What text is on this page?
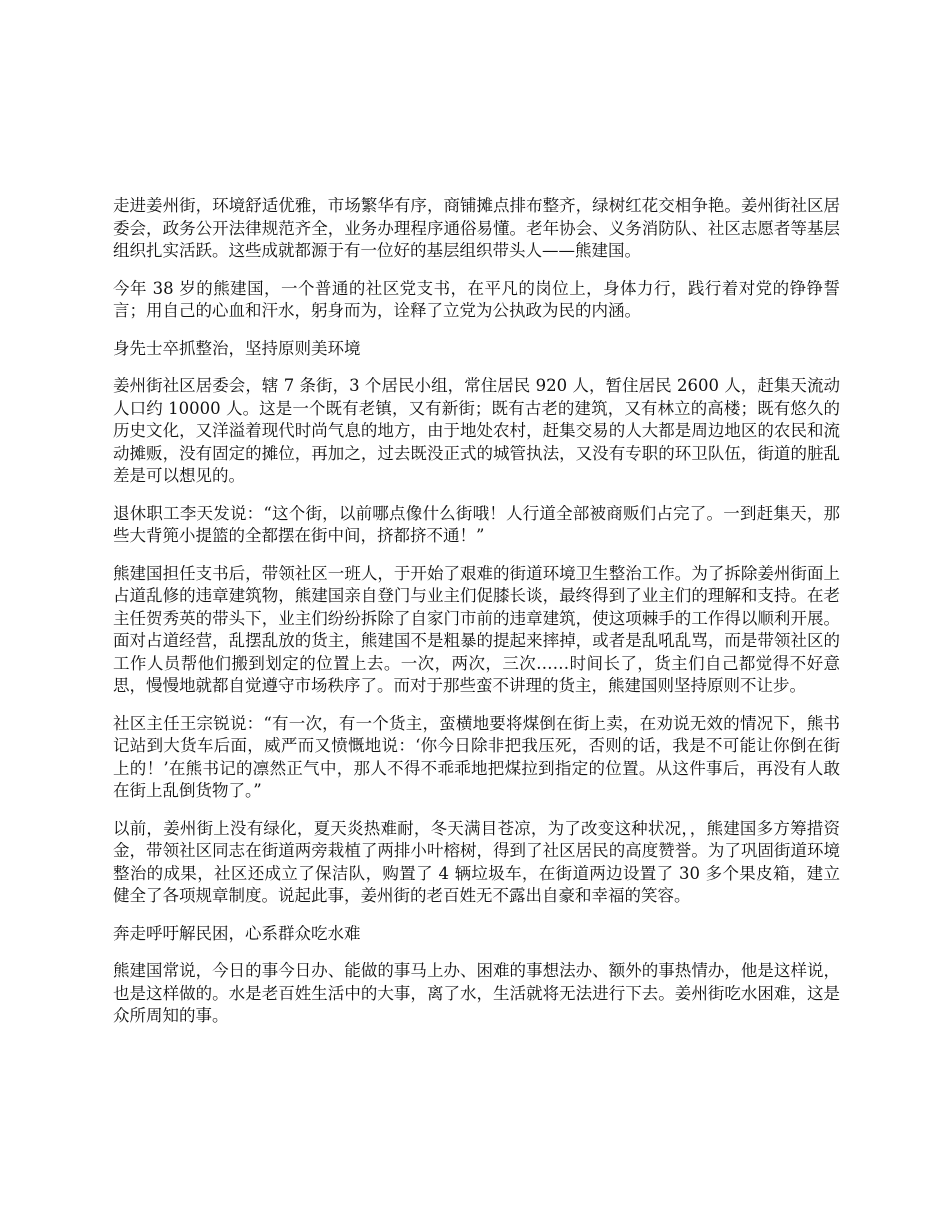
走进姜州街，环境舒适优雅，市场繁华有序，商铺摊点排布整齐，绿树红花交相争艳。姜州街社区居委会，政务公开法律规范齐全，业务办理程序通俗易懂。老年协会、义务消防队、社区志愿者等基层组织扎实活跃。这些成就都源于有一位好的基层组织带头人——熊建国。

今年 38 岁的熊建国，一个普通的社区党支书，在平凡的岗位上，身体力行，践行着对党的铮铮誓言；用自己的心血和汗水，躬身而为，诠释了立党为公执政为民的内涵。

身先士卒抓整治，坚持原则美环境

姜州街社区居委会，辖 7 条街，3 个居民小组，常住居民 920 人，暂住居民 2600 人，赶集天流动人口约 10000 人。这是一个既有老镇，又有新街；既有古老的建筑，又有林立的高楼；既有悠久的历史文化，又洋溢着现代时尚气息的地方，由于地处农村，赶集交易的人大都是周边地区的农民和流动摊贩，没有固定的摊位，再加之，过去既没正式的城管执法，又没有专职的环卫队伍，街道的脏乱差是可以想见的。

退休职工李天发说：“这个街，以前哪点像什么街哦！人行道全部被商贩们占完了。一到赶集天，那些大背篼小提篮的全都摆在街中间，挤都挤不通！”

熊建国担任支书后，带领社区一班人，于开始了艰难的街道环境卫生整治工作。为了拆除姜州街面上占道乱修的违章建筑物，熊建国亲自登门与业主们促膝长谈，最终得到了业主们的理解和支持。在老主任贺秀英的带头下，业主们纷纷拆除了自家门市前的违章建筑，使这项棘手的工作得以顺利开展。面对占道经营，乱摆乱放的货主，熊建国不是粗暴的提起来摔掉，或者是乱吼乱骂，而是带领社区的工作人员帮他们搬到划定的位置上去。一次，两次，三次……时间长了，货主们自己都觉得不好意思，慢慢地就都自觉遵守市场秩序了。而对于那些蛮不讲理的货主，熊建国则坚持原则不让步。

社区主任王宗锐说：“有一次，有一个货主，蛮横地要将煤倒在街上卖，在劝说无效的情况下，熊书记站到大货车后面，威严而又愤慨地说：‘你今日除非把我压死，否则的话，我是不可能让你倒在街上的！’在熊书记的凛然正气中，那人不得不乖乖地把煤拉到指定的位置。从这件事后，再没有人敢在街上乱倒货物了。”

以前，姜州街上没有绿化，夏天炎热难耐，冬天满目苍凉，为了改变这种状况，，熊建国多方筹措资金，带领社区同志在街道两旁栽植了两排小叶榕树，得到了社区居民的高度赞誉。为了巩固街道环境整治的成果，社区还成立了保洁队，购置了 4 辆垃圾车，在街道两边设置了 30 多个果皮箱，建立健全了各项规章制度。说起此事，姜州街的老百姓无不露出自豪和幸福的笑容。

奔走呼吁解民困，心系群众吃水难

熊建国常说，今日的事今日办、能做的事马上办、困难的事想法办、额外的事热情办，他是这样说，也是这样做的。水是老百姓生活中的大事，离了水，生活就将无法进行下去。姜州街吃水困难，这是众所周知的事。
